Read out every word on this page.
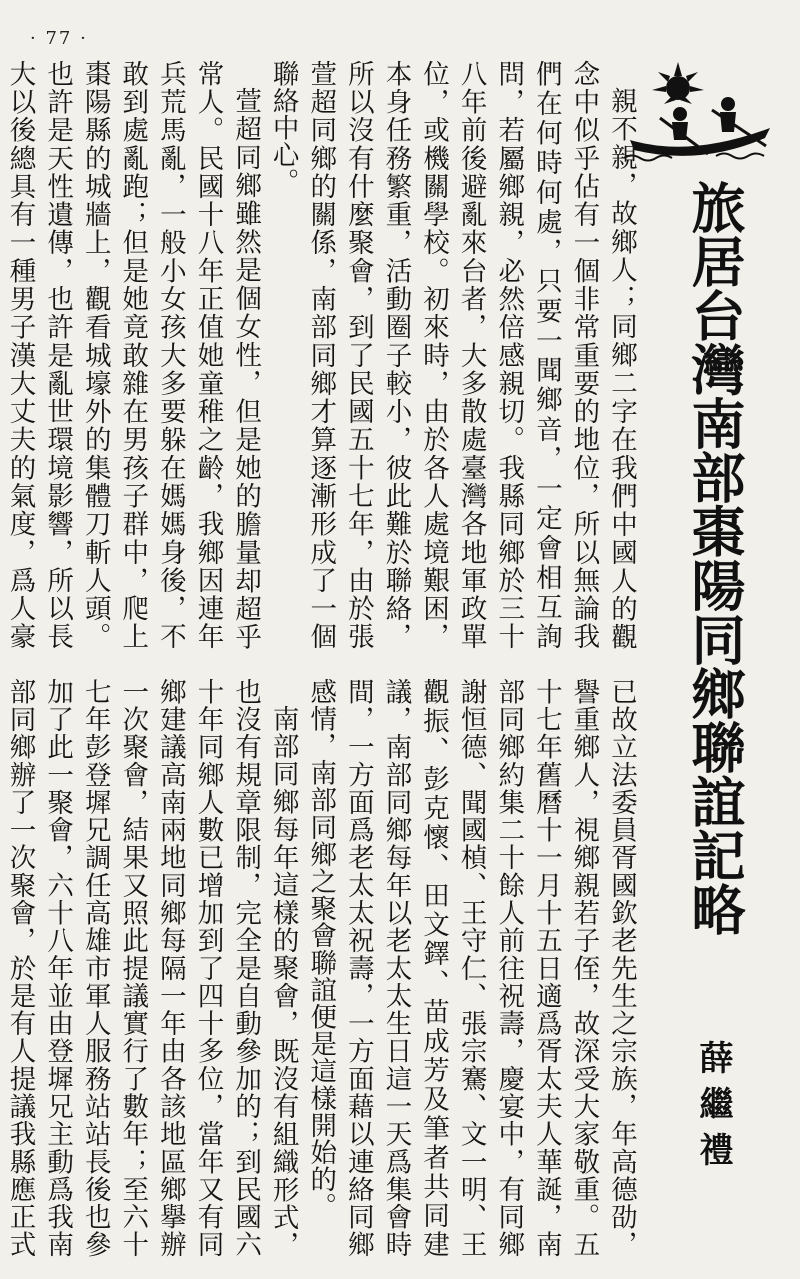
· 77 ·
旅居台灣南部棗陽同鄉聯誼記略
薛繼禮

親不親，故鄉人；同鄉二字在我們中國人的觀念中似乎佔有一個非常重要的地位，所以無論我們在何時何處，只要一聞鄉音，一定會相互詢問，若屬鄉親，必然倍感親切。我縣同鄉於三十八年前後避亂來台者，大多散處臺灣各地軍政單位，或機關學校。初來時，由於各人處境艱困，本身任務繁重，活動圈子較小，彼此難於聯絡，所以沒有什麼聚會，到了民國五十七年，由於張萱超同鄉的關係，南部同鄉才算逐漸形成了一個聯絡中心。

萱超同鄉雖然是個女性，但是她的膽量却超乎常人。民國十八年正值她童稚之齡，我鄉因連年兵荒馬亂，一般小女孩大多要躲在媽媽身後，不敢到處亂跑；但是她竟敢雜在男孩子群中，爬上棗陽縣的城牆上，觀看城壕外的集體刀斬人頭。也許是天性遺傳，也許是亂世環境影響，所以長大以後總具有一種男子漢大丈夫的氣度，爲人豪

已故立法委員胥國欽老先生之宗族，年高德劭，譽重鄉人，視鄉親若子侄，故深受大家敬重。五十七年舊曆十一月十五日適爲胥太夫人華誕，南部同鄉約集二十餘人前往祝壽，慶宴中，有同鄉謝恒德、聞國楨、王守仁、張宗騫、文一明、王觀振、彭克懷、田文鐸、苗成芳及筆者共同建議，南部同鄉每年以老太太生日這一天爲集會時間，一方面爲老太太祝壽，一方面藉以連絡同鄉感情，南部同鄉之聚會聯誼便是這樣開始的。

南部同鄉每年這樣的聚會，既沒有組織形式，也沒有規章限制，完全是自動參加的；到民國六十年同鄉人數已增加到了四十多位，當年又有同鄉建議高南兩地同鄉每隔一年由各該地區鄉擧辦一次聚會，結果又照此提議實行了數年；至六十七年彭登墀兄調任高雄市軍人服務站站長後也參加了此一聚會，六十八年並由登墀兄主動爲我南部同鄉辦了一次聚會，於是有人提議我縣應正式
